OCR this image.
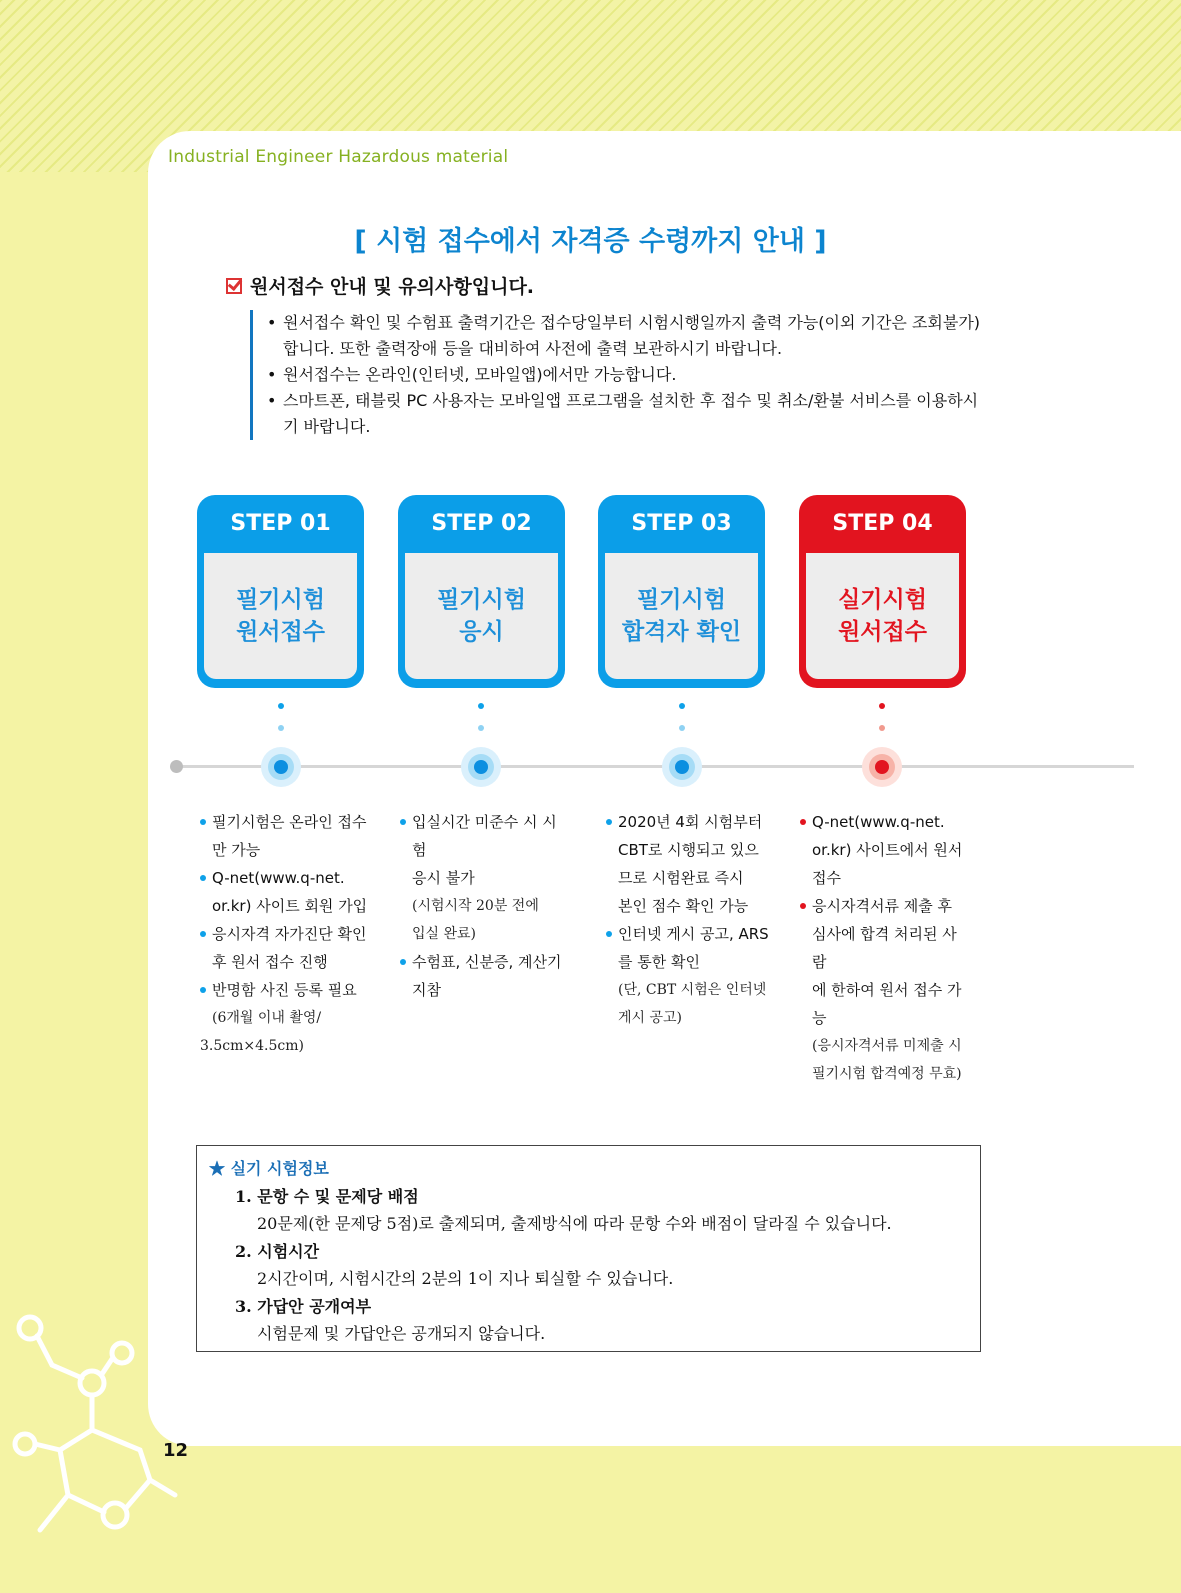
Industrial Engineer Hazardous material
12
[ 시험 접수에서 자격증 수령까지 안내 ]
원서접수 안내 및 유의사항입니다.
• 원서접수 확인 및 수험표 출력기간은 접수당일부터 시험시행일까지 출력 가능(이외 기간은 조회불가)합니다. 또한 출력장애 등을 대비하여 사전에 출력 보관하시기 바랍니다.
• 원서접수는 온라인(인터넷, 모바일앱)에서만 가능합니다.
• 스마트폰, 태블릿 PC 사용자는 모바일앱 프로그램을 설치한 후 접수 및 취소/환불 서비스를 이용하시기 바랍니다.
STEP 01
필기시험
원서접수
STEP 02
필기시험
응시
STEP 03
필기시험
합격자 확인
STEP 04
실기시험
원서접수
필기시험은 온라인 접수
만 가능
Q-net(www.q-net.
or.kr) 사이트 회원 가입
응시자격 자가진단 확인
후 원서 접수 진행
반명함 사진 등록 필요
(6개월 이내 촬영/
3.5cm×4.5cm)
입실시간 미준수 시 시험
응시 불가
(시험시작 20분 전에
입실 완료)
수험표, 신분증, 계산기
지참
2020년 4회 시험부터
CBT로 시행되고 있으
므로 시험완료 즉시
본인 점수 확인 가능
인터넷 게시 공고, ARS
를 통한 확인
(단, CBT 시험은 인터넷
게시 공고)
Q-net(www.q-net.
or.kr) 사이트에서 원서
접수
응시자격서류 제출 후
심사에 합격 처리된 사람
에 한하여 원서 접수 가능
(응시자격서류 미제출 시
필기시험 합격예정 무효)
★ 실기 시험정보
1. 문항 수 및 문제당 배점
20문제(한 문제당 5점)로 출제되며, 출제방식에 따라 문항 수와 배점이 달라질 수 있습니다.
2. 시험시간
2시간이며, 시험시간의 2분의 1이 지나 퇴실할 수 있습니다.
3. 가답안 공개여부
시험문제 및 가답안은 공개되지 않습니다.
